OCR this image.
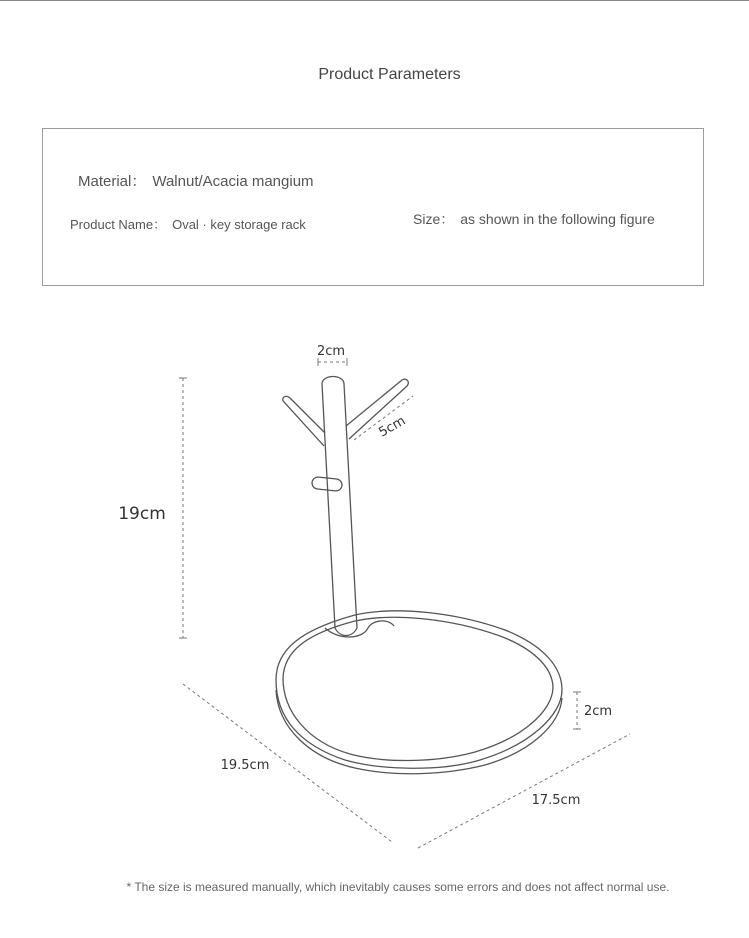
Product Parameters
Material： Walnut/Acacia mangium
Product Name： Oval · key storage rack	Size： as shown in the following figure
2cm
5cm
19cm
2cm
19.5cm
17.5cm
* The size is measured manually, which inevitably causes some errors and does not affect normal use.
